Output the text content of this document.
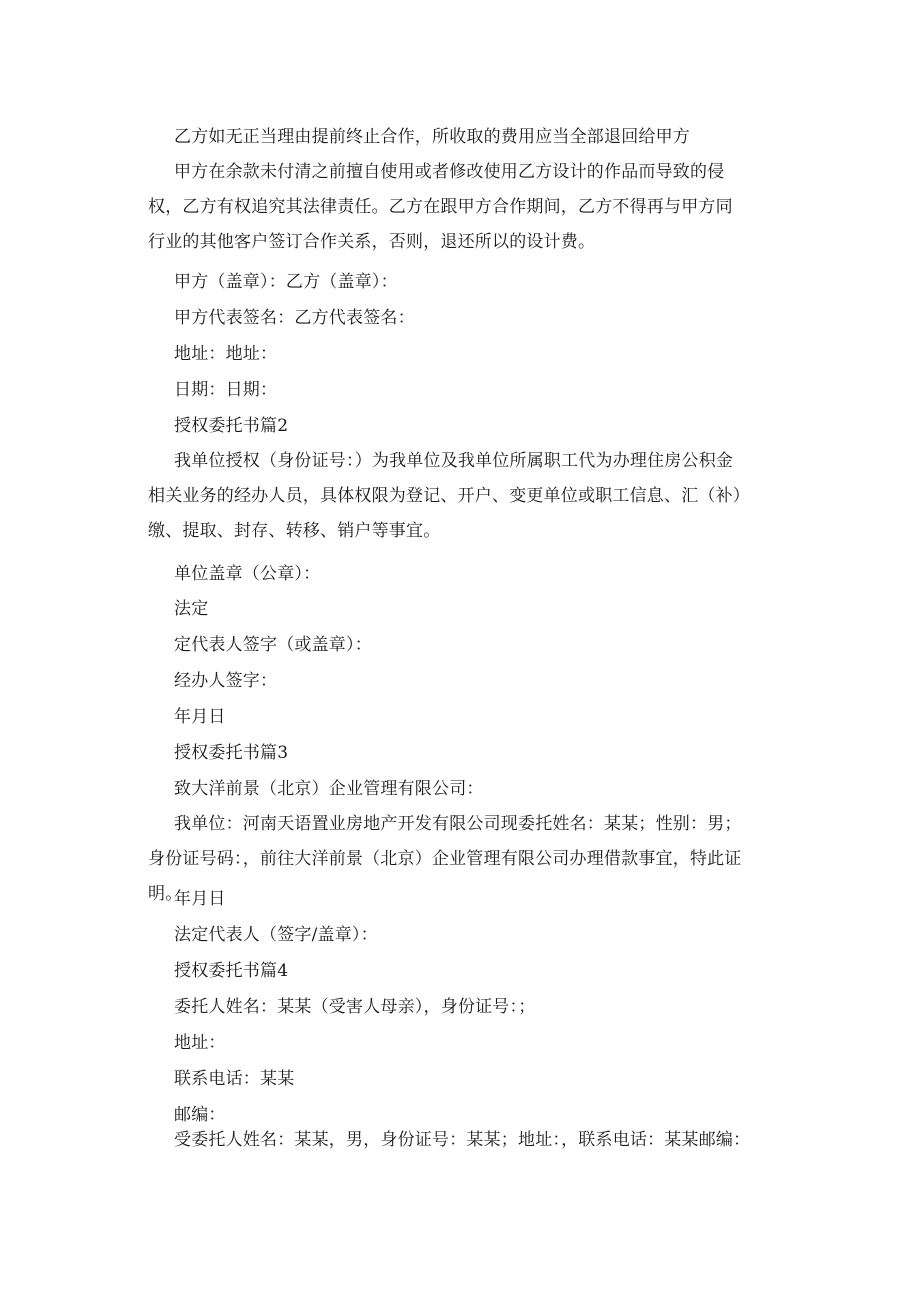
乙方如无正当理由提前终止合作，所收取的费用应当全部退回给甲方
甲方在余款未付清之前擅自使用或者修改使用乙方设计的作品而导致的侵权，乙方有权追究其法律责任。乙方在跟甲方合作期间，乙方不得再与甲方同行业的其他客户签订合作关系，否则，退还所以的设计费。
甲方（盖章）：乙方（盖章）：
甲方代表签名：乙方代表签名：
地址：地址：
日期：日期：
授权委托书篇2
我单位授权（身份证号：）为我单位及我单位所属职工代为办理住房公积金相关业务的经办人员，具体权限为登记、开户、变更单位或职工信息、汇（补）缴、提取、封存、转移、销户等事宜。
单位盖章（公章）：
法定
定代表人签字（或盖章）：
经办人签字：
年月日
授权委托书篇3
致大洋前景（北京）企业管理有限公司：
我单位：河南天语置业房地产开发有限公司现委托姓名：某某；性别：男；身份证号码：，前往大洋前景（北京）企业管理有限公司办理借款事宜，特此证明。
年月日
法定代表人（签字/盖章）：
授权委托书篇4
委托人姓名：某某（受害人母亲），身份证号：；
地址：
联系电话：某某
邮编：
受委托人姓名：某某，男，身份证号：某某；地址：，联系电话：某某邮编：
